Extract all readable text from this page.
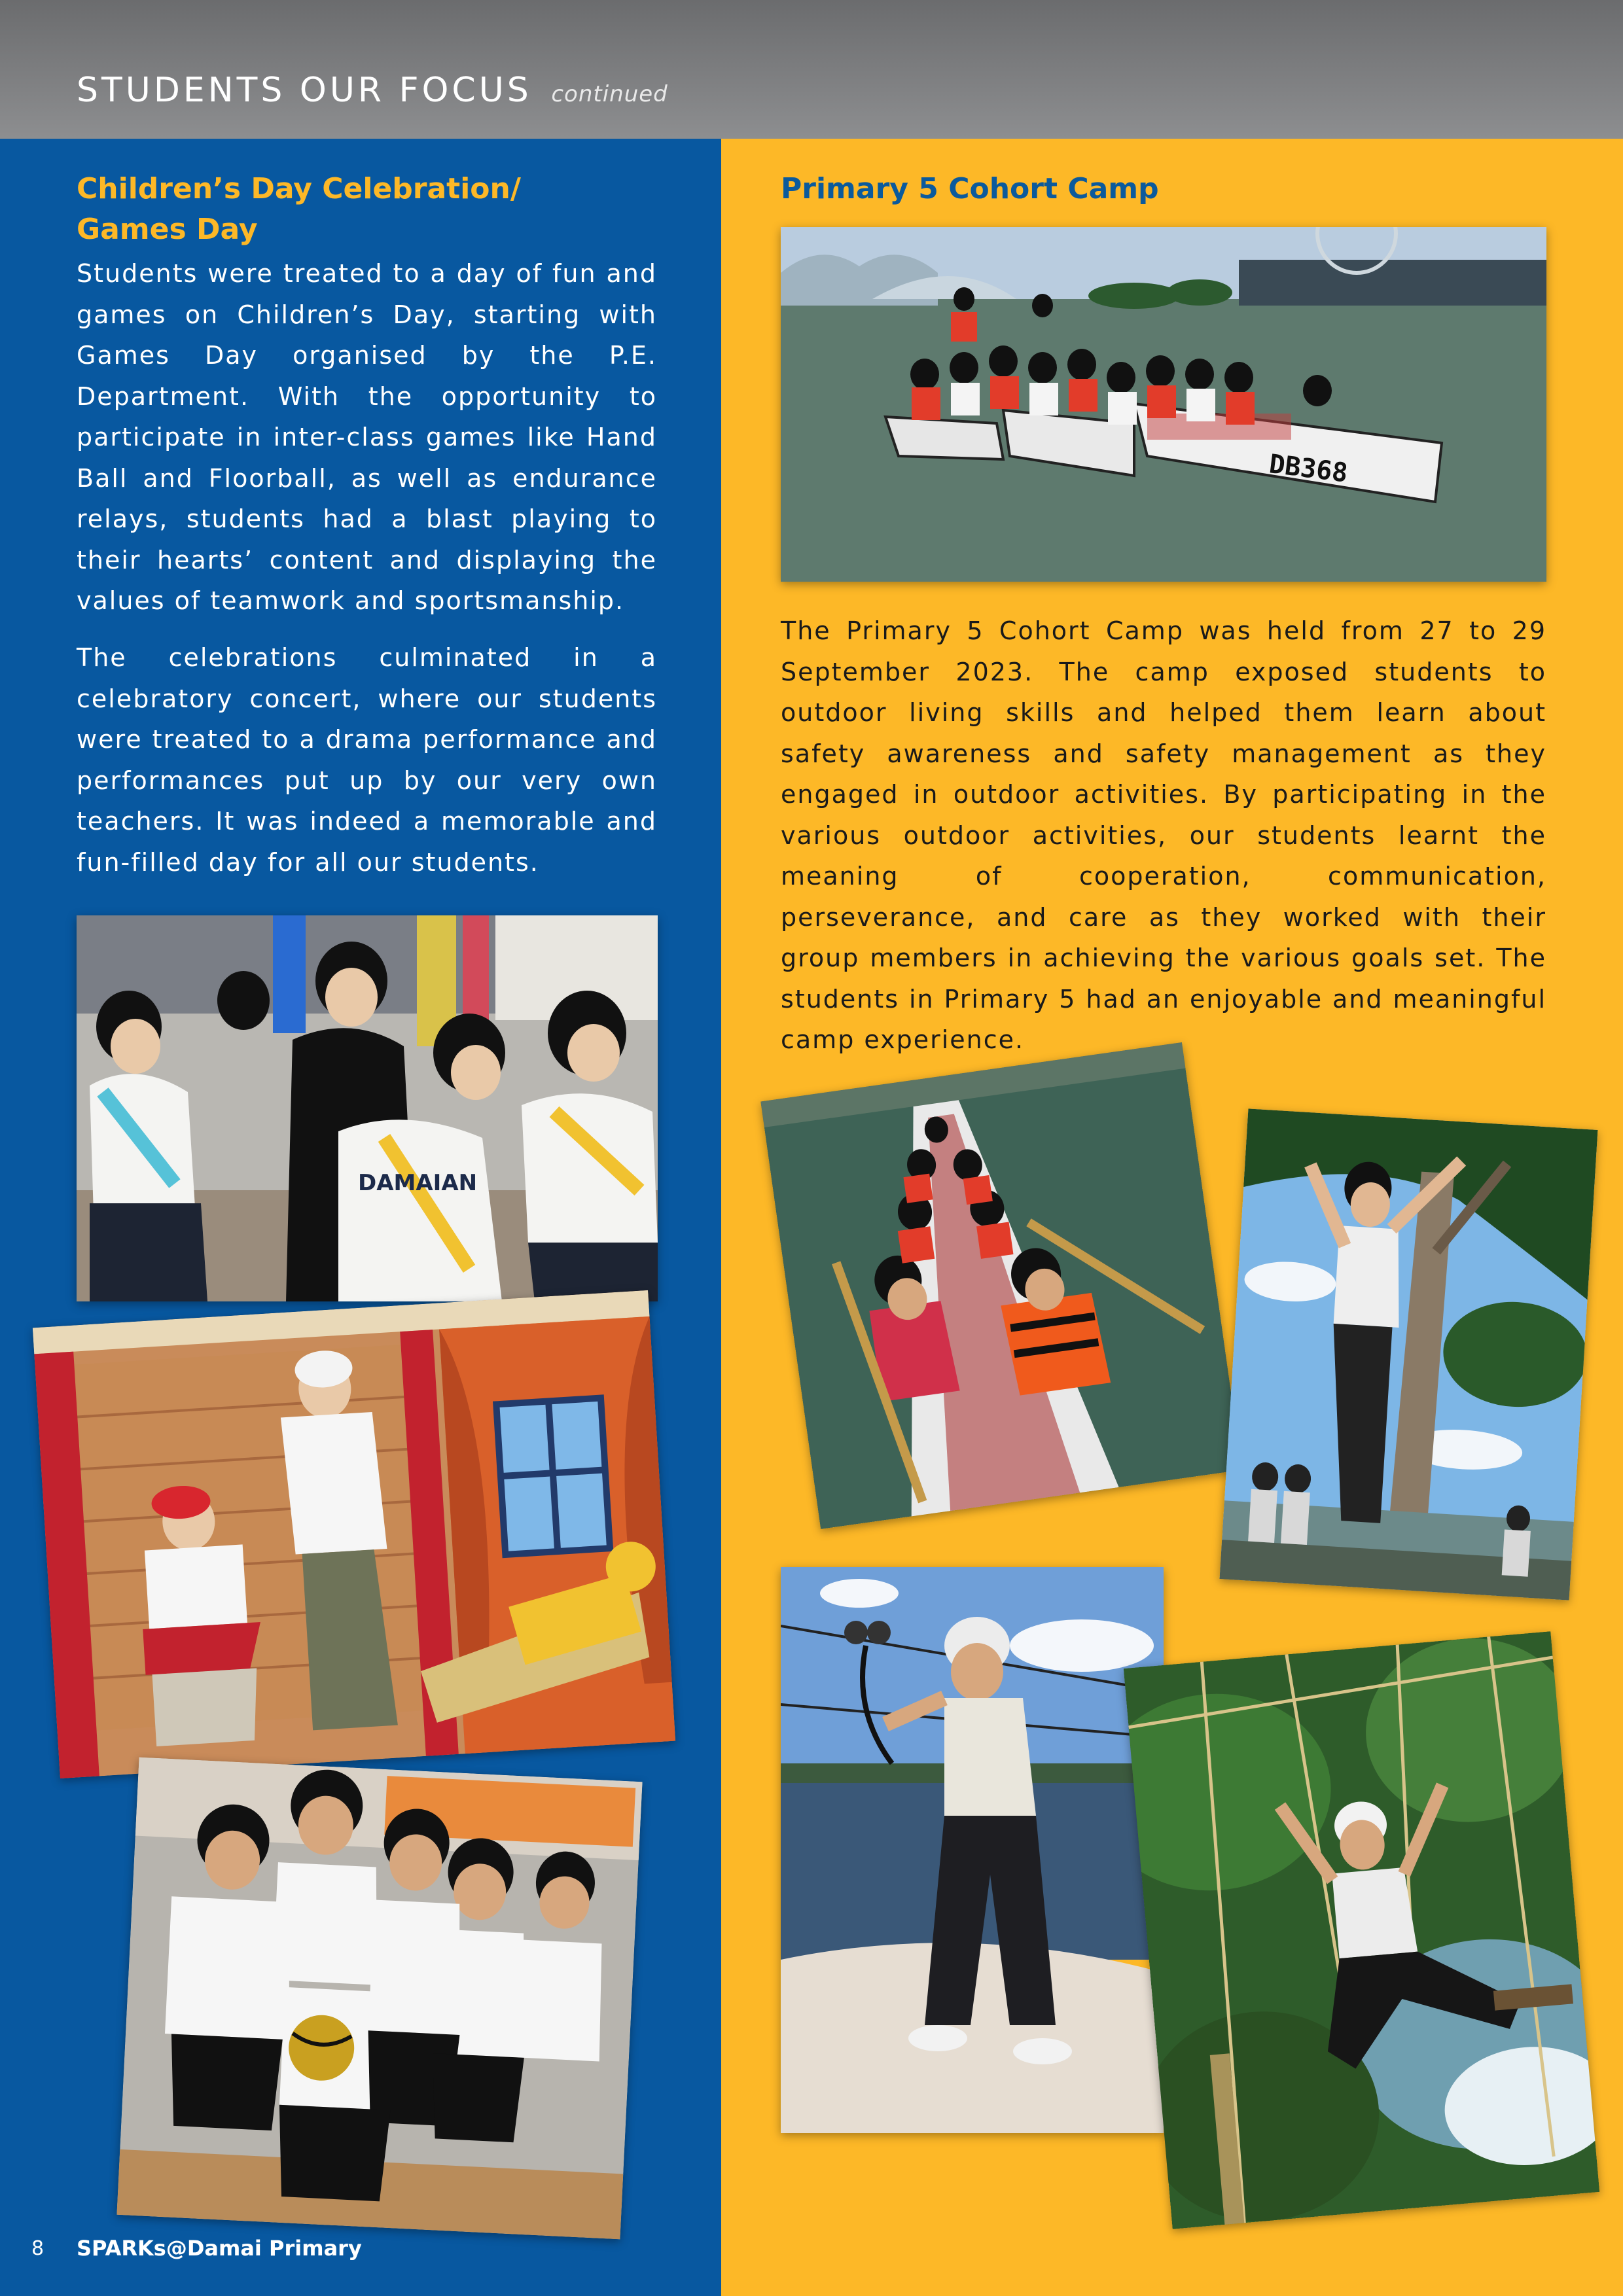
STUDENTS OUR FOCUS continued
Children’s Day Celebration/
Games Day

Students were treated to a day of fun and games on Children’s Day, starting with Games Day organised by the P.E. Department. With the opportunity to participate in inter-class games like Hand Ball and Floorball, as well as endurance relays, students had a blast playing to their hearts’ content and displaying the values of teamwork and sportsmanship.

The celebrations culminated in a celebratory concert, where our students were treated to a drama performance and performances put up by our very own teachers. It was indeed a memorable and fun-filled day for all our students.

Primary 5 Cohort Camp

The Primary 5 Cohort Camp was held from 27 to 29 September 2023. The camp exposed students to outdoor living skills and helped them learn about safety awareness and safety management as they engaged in outdoor activities. By participating in the various outdoor activities, our students learnt the meaning of cooperation, communication, perseverance, and care as they worked with their group members in achieving the various goals set. The students in Primary 5 had an enjoyable and meaningful camp experience.

DAMAIAN
DB368
8 SPARKs@Damai Primary
